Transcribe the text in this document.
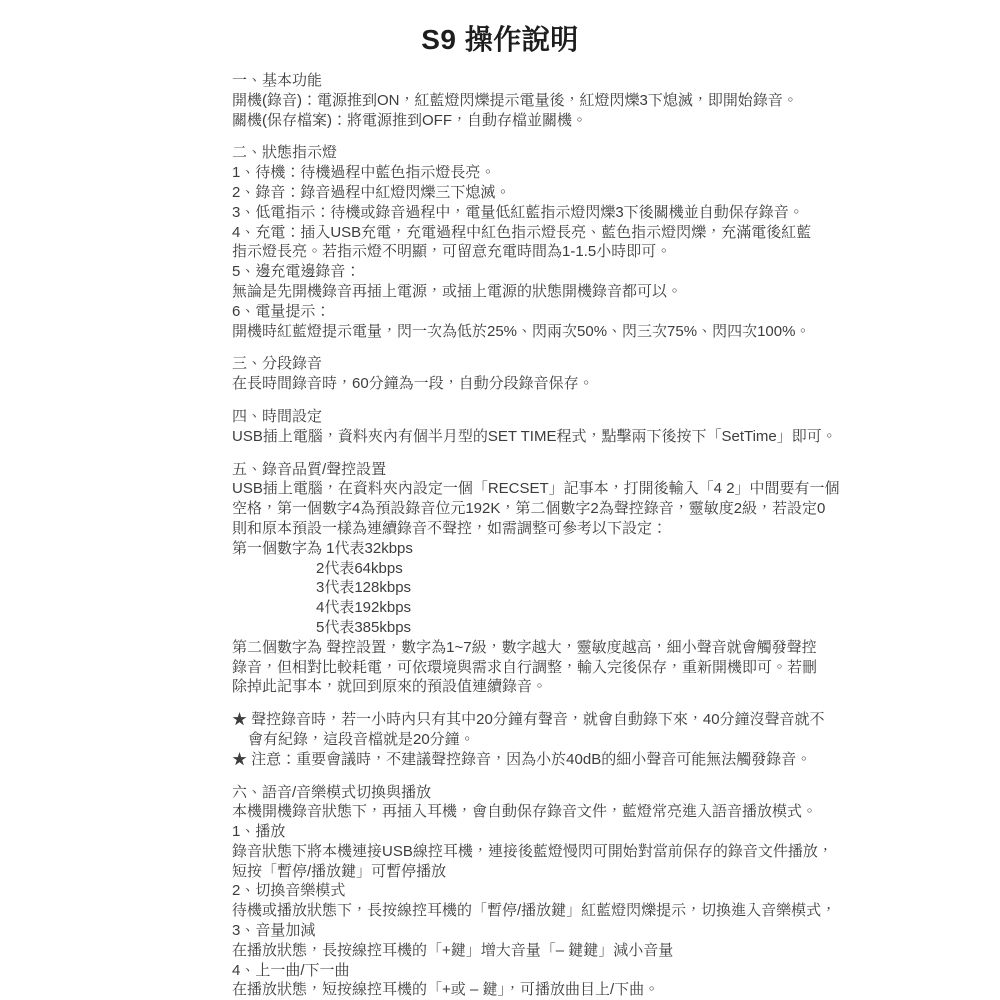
S9 操作說明
一、基本功能
開機(錄音)：電源推到ON，紅藍燈閃爍提示電量後，紅燈閃爍3下熄滅，即開始錄音。
關機(保存檔案)：將電源推到OFF，自動存檔並關機。
二、狀態指示燈
1、待機：待機過程中藍色指示燈長亮。
2、錄音：錄音過程中紅燈閃爍三下熄滅。
3、低電指示：待機或錄音過程中，電量低紅藍指示燈閃爍3下後關機並自動保存錄音。
4、充電：插入USB充電，充電過程中紅色指示燈長亮、藍色指示燈閃爍，充滿電後紅藍
指示燈長亮。若指示燈不明顯，可留意充電時間為1-1.5小時即可。
5、邊充電邊錄音：
無論是先開機錄音再插上電源，或插上電源的狀態開機錄音都可以。
6、電量提示：
開機時紅藍燈提示電量，閃一次為低於25%、閃兩次50%、閃三次75%、閃四次100%。
三、分段錄音
在長時間錄音時，60分鐘為一段，自動分段錄音保存。
四、時間設定
USB插上電腦，資料夾內有個半月型的SET TIME程式，點擊兩下後按下「SetTime」即可。
五、錄音品質/聲控設置
USB插上電腦，在資料夾內設定一個「RECSET」記事本，打開後輸入「4 2」中間要有一個
空格，第一個數字4為預設錄音位元192K，第二個數字2為聲控錄音，靈敏度2級，若設定0
則和原本預設一樣為連續錄音不聲控，如需調整可參考以下設定：
第一個數字為 1代表32kbps
2代表64kbps
3代表128kbps
4代表192kbps
5代表385kbps
第二個數字為 聲控設置，數字為1~7級，數字越大，靈敏度越高，細小聲音就會觸發聲控
錄音，但相對比較耗電，可依環境與需求自行調整，輸入完後保存，重新開機即可。若刪
除掉此記事本，就回到原來的預設值連續錄音。
★ 聲控錄音時，若一小時內只有其中20分鐘有聲音，就會自動錄下來，40分鐘沒聲音就不
會有紀錄，這段音檔就是20分鐘。
★ 注意：重要會議時，不建議聲控錄音，因為小於40dB的細小聲音可能無法觸發錄音。
六、語音/音樂模式切換與播放
本機開機錄音狀態下，再插入耳機，會自動保存錄音文件，藍燈常亮進入語音播放模式。
1、播放
錄音狀態下將本機連接USB線控耳機，連接後藍燈慢閃可開始對當前保存的錄音文件播放，
短按「暫停/播放鍵」可暫停播放
2、切換音樂模式
待機或播放狀態下，長按線控耳機的「暫停/播放鍵」紅藍燈閃爍提示，切換進入音樂模式，
3、音量加減
在播放狀態，長按線控耳機的「+鍵」增大音量「– 鍵鍵」減小音量
4、上一曲/下一曲
在播放狀態，短按線控耳機的「+或 – 鍵」，可播放曲目上/下曲。
